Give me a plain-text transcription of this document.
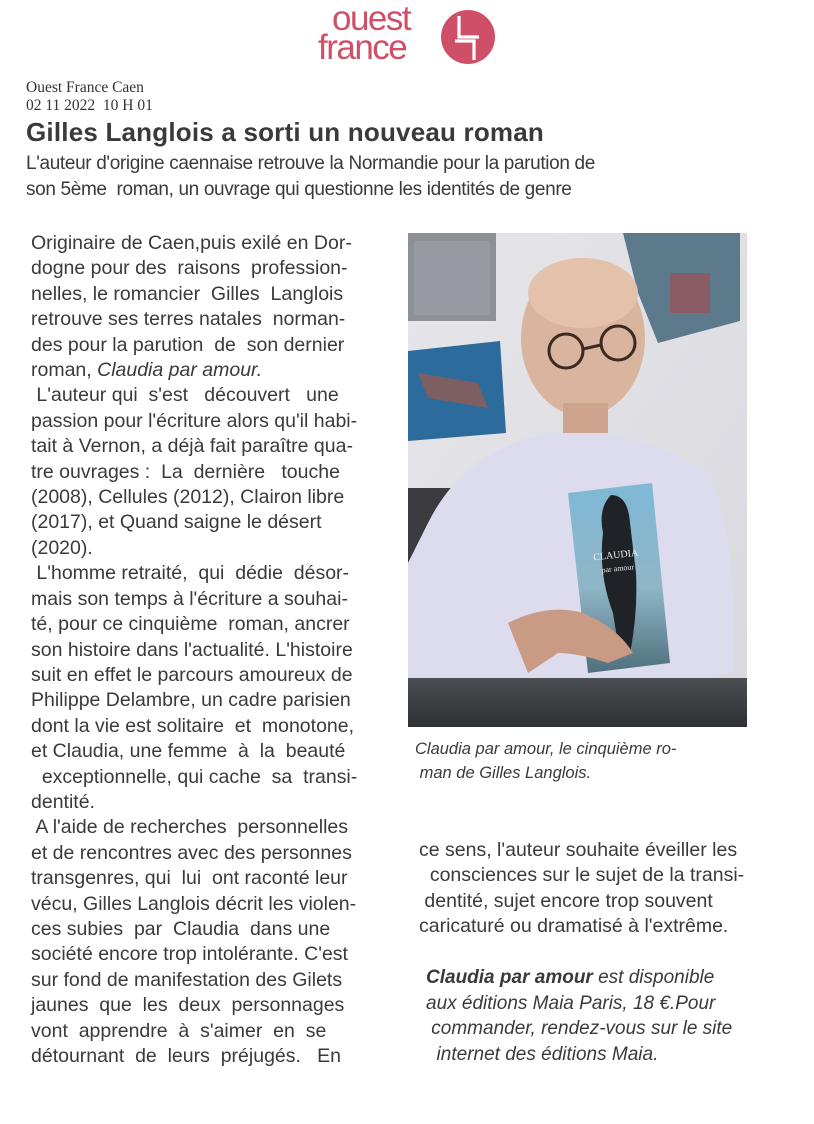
ouest
france
Ouest France Caen
02 11 2022  10 H 01
Gilles Langlois a sorti un nouveau roman
L'auteur d'origine caennaise retrouve la Normandie pour la parution de
son 5ème  roman, un ouvrage qui questionne les identités de genre
Originaire de Caen,puis exilé en Dor-
dogne pour des  raisons  profession-
nelles, le romancier  Gilles  Langlois
retrouve ses terres natales  norman-
des pour la parution  de  son dernier
roman, Claudia par amour.
L'auteur qui  s'est   découvert   une
passion pour l'écriture alors qu'il habi-
tait à Vernon, a déjà fait paraître qua-
tre ouvrages :  La  dernière   touche
(2008), Cellules (2012), Clairon libre
(2017), et Quand saigne le désert
(2020).
L'homme retraité,  qui  dédie  désor-
mais son temps à l'écriture a souhai-
té, pour ce cinquième  roman, ancrer
son histoire dans l'actualité. L'histoire
suit en effet le parcours amoureux de
Philippe Delambre, un cadre parisien
dont la vie est solitaire  et  monotone,
et Claudia, une femme  à  la  beauté
exceptionnelle, qui cache  sa  transi-
dentité.
A l'aide de recherches  personnelles
et de rencontres avec des personnes
transgenres, qui  lui  ont raconté leur
vécu, Gilles Langlois décrit les violen-
ces subies  par  Claudia  dans une
société encore trop intolérante. C'est
sur fond de manifestation des Gilets
jaunes  que  les  deux  personnages
vont  apprendre  à  s'aimer  en  se
détournant  de  leurs  préjugés.   En
CLAUDIA
par amour
Claudia par amour, le cinquième ro-
man de Gilles Langlois.
ce sens, l'auteur souhaite éveiller les
consciences sur le sujet de la transi-
dentité, sujet encore trop souvent
caricaturé ou dramatisé à l'extrême.
Claudia par amour est disponible
aux éditions Maia Paris, 18 €.Pour
commander, rendez-vous sur le site
internet des éditions Maia.
